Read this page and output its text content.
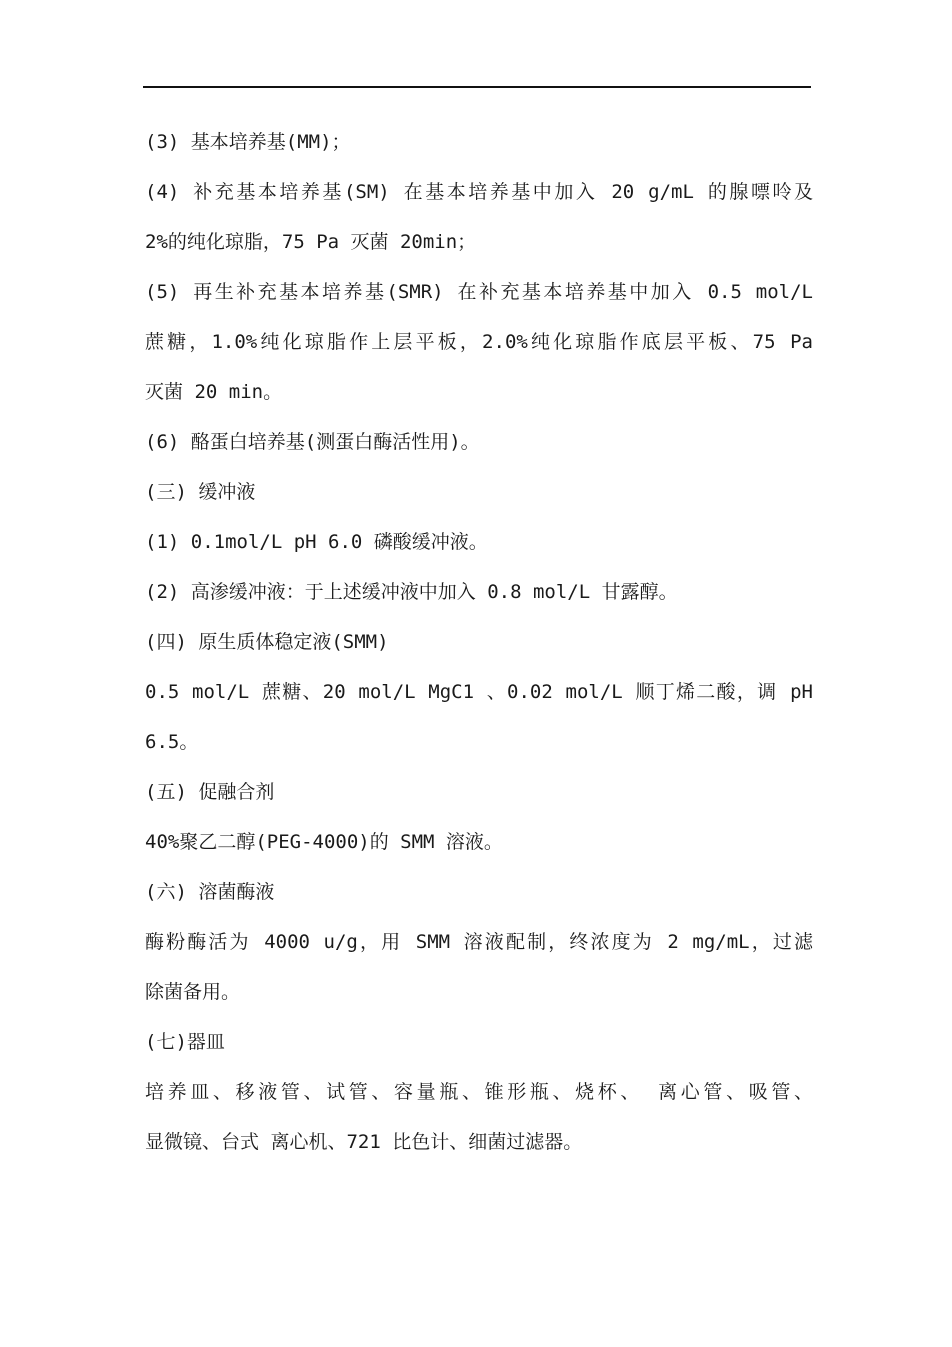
(3) 基本培养基(MM)；
(4) 补充基本培养基(SM) 在基本培养基中加入 20 g/mL 的腺嘌呤及
2%的纯化琼脂，75 Pa 灭菌 20min；
(5) 再生补充基本培养基(SMR) 在补充基本培养基中加入 0.5 mol/L
蔗糖，1.0%纯化琼脂作上层平板，2.0%纯化琼脂作底层平板、75 Pa
灭菌 20 min。
(6) 酪蛋白培养基(测蛋白酶活性用)。
(三) 缓冲液
(1) 0.1mol/L pH 6.0 磷酸缓冲液。
(2) 高渗缓冲液：于上述缓冲液中加入 0.8 mol/L 甘露醇。
(四) 原生质体稳定液(SMM)
0.5 mol/L 蔗糖、20 mol/L MgC1 、0.02 mol/L 顺丁烯二酸，调 pH
6.5。
(五) 促融合剂
40%聚乙二醇(PEG-4000)的 SMM 溶液。
(六) 溶菌酶液
酶粉酶活为 4000 u/g，用 SMM 溶液配制，终浓度为 2 mg/mL，过滤
除菌备用。
(七)器皿
培养皿、移液管、试管、容量瓶、锥形瓶、烧杯、 离心管、吸管、
显微镜、台式 离心机、721 比色计、细菌过滤器。
